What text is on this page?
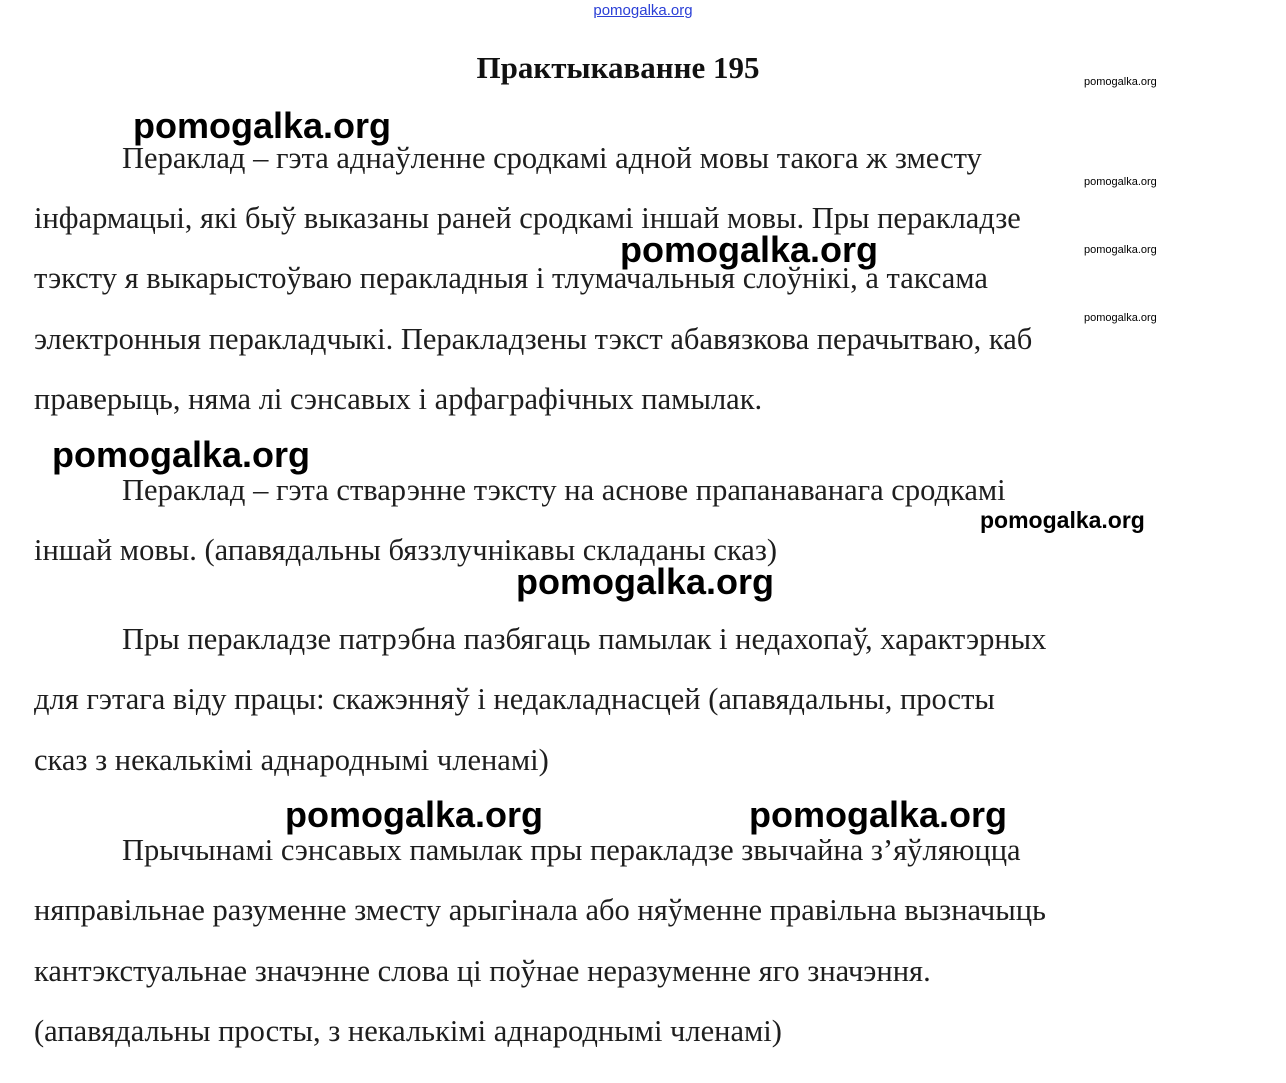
pomogalka.org
Практыкаванне 195
Пераклад – гэта аднаўленне сродкамі адной мовы такога ж зместу
інфармацыі, які быў выказаны раней сродкамі іншай мовы. Пры перакладзе
тэксту я выкарыстоўваю перакладныя і тлумачальныя слоўнікі, а таксама
электронныя перакладчыкі. Перакладзены тэкст абавязкова перачытваю, каб
праверыць, няма лі сэнсавых і арфаграфічных памылак.
Пераклад – гэта стварэнне тэксту на аснове прапанаванага сродкамі
іншай мовы. (апавядальны бяззлучнікавы складаны сказ)
Пры перакладзе патрэбна пазбягаць памылак і недахопаў, характэрных
для гэтага віду працы: скажэнняў і недакладнасцей (апавядальны, просты
сказ з некалькімі аднароднымі членамі)
Прычынамі сэнсавых памылак пры перакладзе звычайна з’яўляюцца
няправільнае разуменне зместу арыгінала або няўменне правільна вызначыць
кантэкстуальнае значэнне слова ці поўнае неразуменне яго значэння.
(апавядальны просты, з некалькімі аднароднымі членамі)
pomogalka.org
pomogalka.org
pomogalka.org
pomogalka.org
pomogalka.org	pomogalka.org
pomogalka.org
pomogalka.org
pomogalka.org
pomogalka.org
pomogalka.org
